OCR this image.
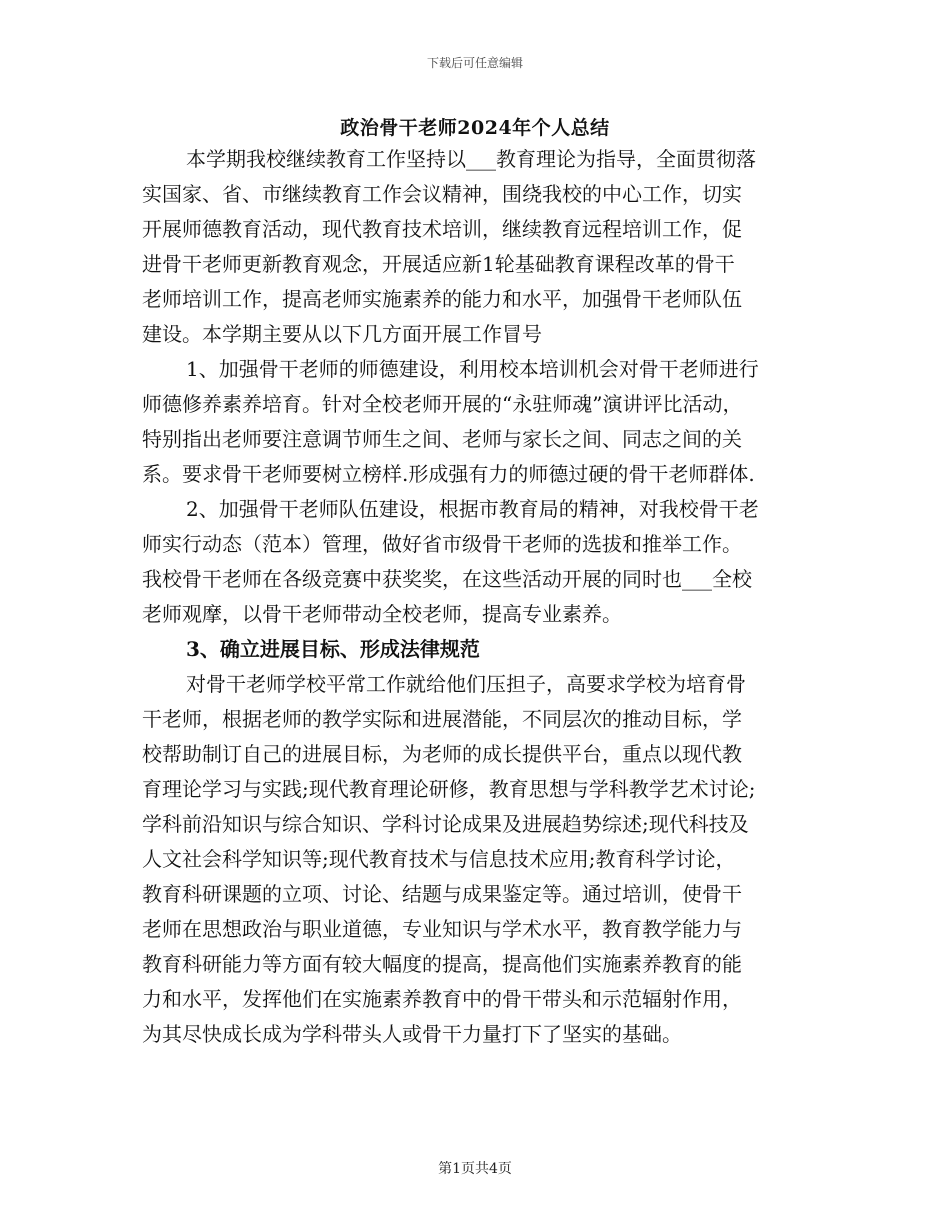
下载后可任意编辑
政治骨干老师2024年个人总结
本学期我校继续教育工作坚持以___教育理论为指导，全面贯彻落
实国家、省、市继续教育工作会议精神，围绕我校的中心工作，切实
开展师德教育活动，现代教育技术培训，继续教育远程培训工作，促
进骨干老师更新教育观念，开展适应新1轮基础教育课程改革的骨干
老师培训工作，提高老师实施素养的能力和水平，加强骨干老师队伍
建设。本学期主要从以下几方面开展工作冒号
1、加强骨干老师的师德建设，利用校本培训机会对骨干老师进行
师德修养素养培育。针对全校老师开展的“永驻师魂”演讲评比活动，
特别指出老师要注意调节师生之间、老师与家长之间、同志之间的关
系。要求骨干老师要树立榜样.形成强有力的师德过硬的骨干老师群体.
2、加强骨干老师队伍建设，根据市教育局的精神，对我校骨干老
师实行动态（范本）管理，做好省市级骨干老师的选拔和推举工作。
我校骨干老师在各级竞赛中获奖奖，在这些活动开展的同时也___全校
老师观摩，以骨干老师带动全校老师，提高专业素养。
3、确立进展目标、形成法律规范
对骨干老师学校平常工作就给他们压担子，高要求学校为培育骨
干老师，根据老师的教学实际和进展潜能，不同层次的推动目标，学
校帮助制订自己的进展目标，为老师的成长提供平台，重点以现代教
育理论学习与实践;现代教育理论研修，教育思想与学科教学艺术讨论;
学科前沿知识与综合知识、学科讨论成果及进展趋势综述;现代科技及
人文社会科学知识等;现代教育技术与信息技术应用;教育科学讨论，
教育科研课题的立项、讨论、结题与成果鉴定等。通过培训，使骨干
老师在思想政治与职业道德，专业知识与学术水平，教育教学能力与
教育科研能力等方面有较大幅度的提高，提高他们实施素养教育的能
力和水平，发挥他们在实施素养教育中的骨干带头和示范辐射作用，
为其尽快成长成为学科带头人或骨干力量打下了坚实的基础。
第1页共4页
